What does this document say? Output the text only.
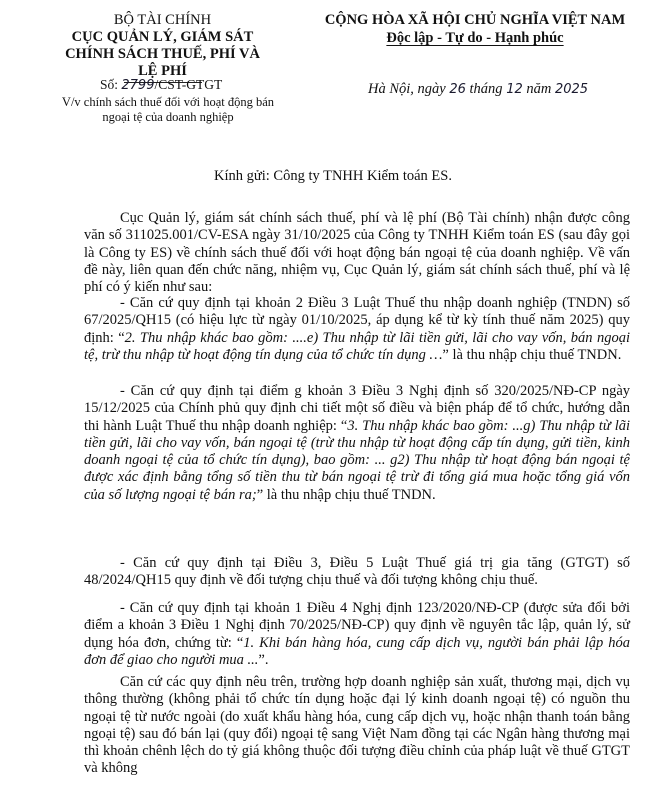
BỘ TÀI CHÍNH
CỤC QUẢN LÝ, GIÁM SÁT
CHÍNH SÁCH THUẾ, PHÍ VÀ LỆ PHÍ
CỘNG HÒA XÃ HỘI CHỦ NGHĨA VIỆT NAM
Độc lập - Tự do - Hạnh phúc
Số: 2799/CST-GTGT
V/v chính sách thuế đối với hoạt động bán ngoại tệ của doanh nghiệp
Hà Nội, ngày 26 tháng 12 năm 2025
Kính gửi: Công ty TNHH Kiểm toán ES.

Cục Quản lý, giám sát chính sách thuế, phí và lệ phí (Bộ Tài chính) nhận được công văn số 311025.001/CV-ESA ngày 31/10/2025 của Công ty TNHH Kiểm toán ES (sau đây gọi là Công ty ES) về chính sách thuế đối với hoạt động bán ngoại tệ của doanh nghiệp. Về vấn đề này, liên quan đến chức năng, nhiệm vụ, Cục Quản lý, giám sát chính sách thuế, phí và lệ phí có ý kiến như sau:

- Căn cứ quy định tại khoản 2 Điều 3 Luật Thuế thu nhập doanh nghiệp (TNDN) số 67/2025/QH15 (có hiệu lực từ ngày 01/10/2025, áp dụng kể từ kỳ tính thuế năm 2025) quy định: “2. Thu nhập khác bao gồm: ....e) Thu nhập từ lãi tiền gửi, lãi cho vay vốn, bán ngoại tệ, trừ thu nhập từ hoạt động tín dụng của tổ chức tín dụng …” là thu nhập chịu thuế TNDN.

- Căn cứ quy định tại điểm g khoản 3 Điều 3 Nghị định số 320/2025/NĐ-CP ngày 15/12/2025 của Chính phủ quy định chi tiết một số điều và biện pháp để tổ chức, hướng dẫn thi hành Luật Thuế thu nhập doanh nghiệp: “3. Thu nhập khác bao gồm: ...g) Thu nhập từ lãi tiền gửi, lãi cho vay vốn, bán ngoại tệ (trừ thu nhập từ hoạt động cấp tín dụng, gửi tiền, kinh doanh ngoại tệ của tổ chức tín dụng), bao gồm: ... g2) Thu nhập từ hoạt động bán ngoại tệ được xác định bằng tổng số tiền thu từ bán ngoại tệ trừ đi tổng giá mua hoặc tổng giá vốn của số lượng ngoại tệ bán ra;” là thu nhập chịu thuế TNDN.

- Căn cứ quy định tại Điều 3, Điều 5 Luật Thuế giá trị gia tăng (GTGT) số 48/2024/QH15 quy định về đối tượng chịu thuế và đối tượng không chịu thuế.

- Căn cứ quy định tại khoản 1 Điều 4 Nghị định 123/2020/NĐ-CP (được sửa đổi bởi điểm a khoản 3 Điều 1 Nghị định 70/2025/NĐ-CP) quy định về nguyên tắc lập, quản lý, sử dụng hóa đơn, chứng từ: “1. Khi bán hàng hóa, cung cấp dịch vụ, người bán phải lập hóa đơn để giao cho người mua ...”.

Căn cứ các quy định nêu trên, trường hợp doanh nghiệp sản xuất, thương mại, dịch vụ thông thường (không phải tổ chức tín dụng hoặc đại lý kinh doanh ngoại tệ) có nguồn thu ngoại tệ từ nước ngoài (do xuất khẩu hàng hóa, cung cấp dịch vụ, hoặc nhận thanh toán bằng ngoại tệ) sau đó bán lại (quy đổi) ngoại tệ sang Việt Nam đồng tại các Ngân hàng thương mại thì khoản chênh lệch do tỷ giá không thuộc đối tượng điều chỉnh của pháp luật về thuế GTGT và không
